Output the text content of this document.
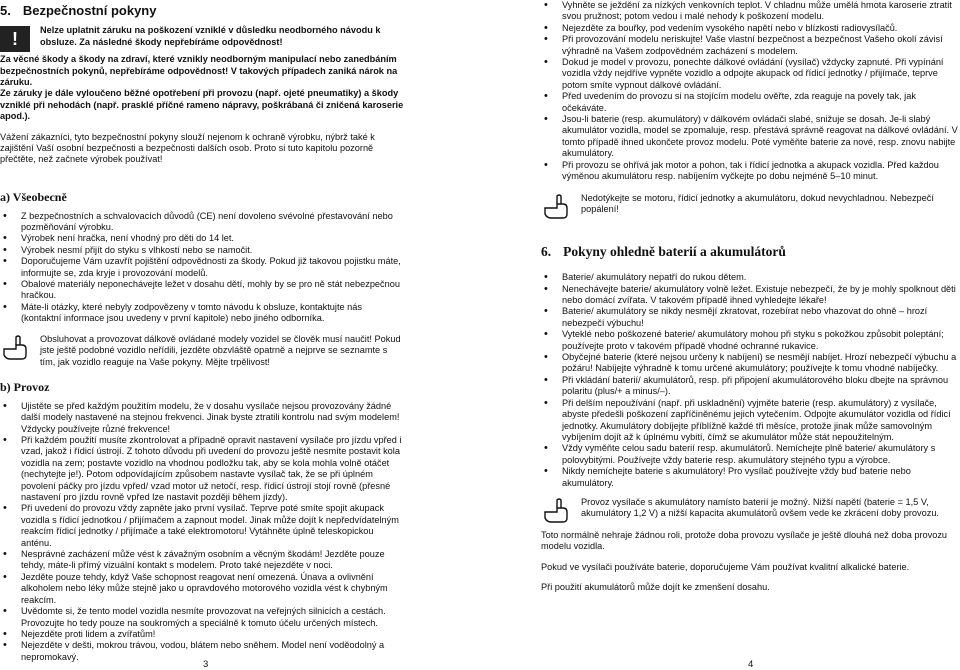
5. Bezpečnostní pokyny
!	Nelze uplatnit záruku na poškození vzniklé v důsledku neodborného návodu k obsluze. Za následné škody nepřebíráme odpovědnost!

Za věcné škody a škody na zdraví, které vznikly neodborným manipulací nebo zanedbáním bezpečnostních pokynů, nepřebíráme odpovědnost! V takových případech zaniká nárok na záruku.

Ze záruky je dále vyloučeno běžné opotřebení při provozu (např. ojeté pneumatiky) a škody vzniklé při nehodách (např. prasklé příčné rameno nápravy, poškrábaná či zničená karoserie apod.).

Vážení zákazníci, tyto bezpečnostní pokyny slouží nejenom k ochraně výrobku, nýbrž také k zajištění Vaší osobní bezpečnosti a bezpečnosti dalších osob. Proto si tuto kapitolu pozorně přečtěte, než začnete výrobek používat!

a) Všeobecně
• Z bezpečnostních a schvalovacích důvodů (CE) není dovoleno svévolné přestavování nebo pozměňování výrobku.
• Výrobek není hračka, není vhodný pro děti do 14 let.
• Výrobek nesmí přijít do styku s vlhkostí nebo se namočit.
• Doporučujeme Vám uzavřít pojištění odpovědnosti za škody. Pokud již takovou pojistku máte, informujte se, zda kryje i provozování modelů.
• Obalové materiály neponechávejte ležet v dosahu dětí, mohly by se pro ně stát nebezpečnou hračkou.
• Máte-li otázky, které nebyly zodpovězeny v tomto návodu k obsluze, kontaktujte nás (kontaktní informace jsou uvedeny v první kapitole) nebo jiného odborníka.

Obsluhovat a provozovat dálkově ovládané modely vozidel se člověk musí naučit! Pokud jste ještě podobné vozidlo neřídili, jezděte obzvláště opatrně a nejprve se seznamte s tím, jak vozidlo reaguje na Vaše pokyny. Mějte trpělivost!

b) Provoz
• Ujistěte se před každým použitím modelu, že v dosahu vysílače nejsou provozovány žádné další modely nastavené na stejnou frekvenci. Jinak byste ztratili kontrolu nad svým modelem! Vždycky používejte různé frekvence!
• Při každém použití musíte zkontrolovat a případně opravit nastavení vysílače pro jízdu vpřed i vzad, jakož i řídicí ústrojí. Z tohoto důvodu při uvedení do provozu ještě nesmíte postavit kola vozidla na zem; postavte vozidlo na vhodnou podložku tak, aby se kola mohla volně otáčet (nechytejte je!). Potom odpovídajícím způsobem nastavte vysílač tak, že se při úplném povolení páčky pro jízdu vpřed/ vzad motor už netočí, resp. řídicí ústrojí stojí rovně (přesné nastavení pro jízdu rovně vpřed lze nastavit později během jízdy).
• Při uvedení do provozu vždy zapněte jako první vysílač. Teprve poté smíte spojit akupack vozidla s řídicí jednotkou / přijímačem a zapnout model. Jinak může dojít k nepředvídatelným reakcím řídicí jednotky / přijímače a také elektromotoru! Vytáhněte úplně teleskopickou anténu.
• Nesprávné zacházení může vést k závažným osobním a věcným škodám! Jezděte pouze tehdy, máte-li přímý vizuální kontakt s modelem. Proto také nejezděte v noci.
• Jezděte pouze tehdy, když Vaše schopnost reagovat není omezená. Únava a ovlivnění alkoholem nebo léky může stejně jako u opravdového motorového vozidla vést k chybným reakcím.
• Uvědomte si, že tento model vozidla nesmíte provozovat na veřejných silnicích a cestách. Provozujte ho tedy pouze na soukromých a speciálně k tomuto účelu určených místech.
• Nejezděte proti lidem a zvířatům!
• Nejezděte v dešti, mokrou trávou, vodou, blátem nebo sněhem. Model není voděodolný a nepromokavý.
3
• Vyhněte se ježdění za nízkých venkovních teplot. V chladnu může umělá hmota karoserie ztratit svou pružnost; potom vedou i malé nehody k poškození modelu.
• Nejezděte za bouřky, pod vedením vysokého napětí nebo v blízkosti radiovysílačů.
• Při provozování modelu neriskujte! Vaše vlastní bezpečnost a bezpečnost Vašeho okolí závisí výhradně na Vašem zodpovědném zacházení s modelem.
• Dokud je model v provozu, ponechte dálkové ovládání (vysílač) vždycky zapnuté. Při vypínání vozidla vždy nejdříve vypněte vozidlo a odpojte akupack od řídicí jednotky / přijímače, teprve potom smíte vypnout dálkové ovládání.
• Před uvedením do provozu si na stojícím modelu ověřte, zda reaguje na povely tak, jak očekáváte.
• Jsou-li baterie (resp. akumulátory) v dálkovém ovládači slabé, snižuje se dosah. Je-li slabý akumulátor vozidla, model se zpomaluje, resp. přestává správně reagovat na dálkové ovládání. V tomto případě ihned ukončete provoz modelu. Poté vyměňte baterie za nové, resp. znovu nabijte akumulátory.
• Při provozu se ohřívá jak motor a pohon, tak i řídicí jednotka a akupack vozidla. Před každou výměnou akumulátoru resp. nabíjením vyčkejte po dobu nejméně 5–10 minut.

Nedotýkejte se motoru, řídicí jednotky a akumulátoru, dokud nevychladnou. Nebezpečí popálení!

6. Pokyny ohledně baterií a akumulátorů
• Baterie/ akumulátory nepatří do rukou dětem.
• Nenechávejte baterie/ akumulátory volně ležet. Existuje nebezpečí, že by je mohly spolknout děti nebo domácí zvířata. V takovém případě ihned vyhledejte lékaře!
• Baterie/ akumulátory se nikdy nesmějí zkratovat, rozebírat nebo vhazovat do ohně – hrozí nebezpečí výbuchu!
• Vyteklé nebo poškozené baterie/ akumulátory mohou při styku s pokožkou způsobit poleptání; používejte proto v takovém případě vhodné ochranné rukavice.
• Obyčejné baterie (které nejsou určeny k nabíjení) se nesmějí nabíjet. Hrozí nebezpečí výbuchu a požáru! Nabíjejte výhradně k tomu určené akumulátory; používejte k tomu vhodné nabíječky.
• Při vkládání baterií/ akumulátorů, resp. při připojení akumulátorového bloku dbejte na správnou polaritu (plus/+ a minus/–).
• Při delším nepoužívání (např. při uskladnění) vyjměte baterie (resp. akumulátory) z vysílače, abyste předešli poškození zapříčiněnému jejich vytečením. Odpojte akumulátor vozidla od řídicí jednotky. Akumulátory dobíjejte příblížně každé tři měsíce, protože jinak může samovolným vybíjením dojít až k úplnému vybití, čímž se akumulátor může stát nepoužitelným.
• Vždy vyměňte celou sadu baterií resp. akumulátorů. Nemíchejte plně baterie/ akumulátory s polovybitými. Používejte vždy baterie resp. akumulátory stejného typu a výrobce.
• Nikdy nemíchejte baterie s akumulátory! Pro vysílač používejte vždy buď baterie nebo akumulátory.

Provoz vysílače s akumulátory namísto baterií je možný. Nižší napětí (baterie = 1,5 V, akumulátory 1,2 V) a nižší kapacita akumulátorů ovšem vede ke zkrácení doby provozu.

Toto normálně nehraje žádnou roli, protože doba provozu vysílače je ještě dlouhá než doba provozu modelu vozidla.

Pokud ve vysílači používáte baterie, doporučujeme Vám používat kvalitní alkalické baterie.

Při použití akumulátorů může dojít ke zmenšení dosahu.

4
